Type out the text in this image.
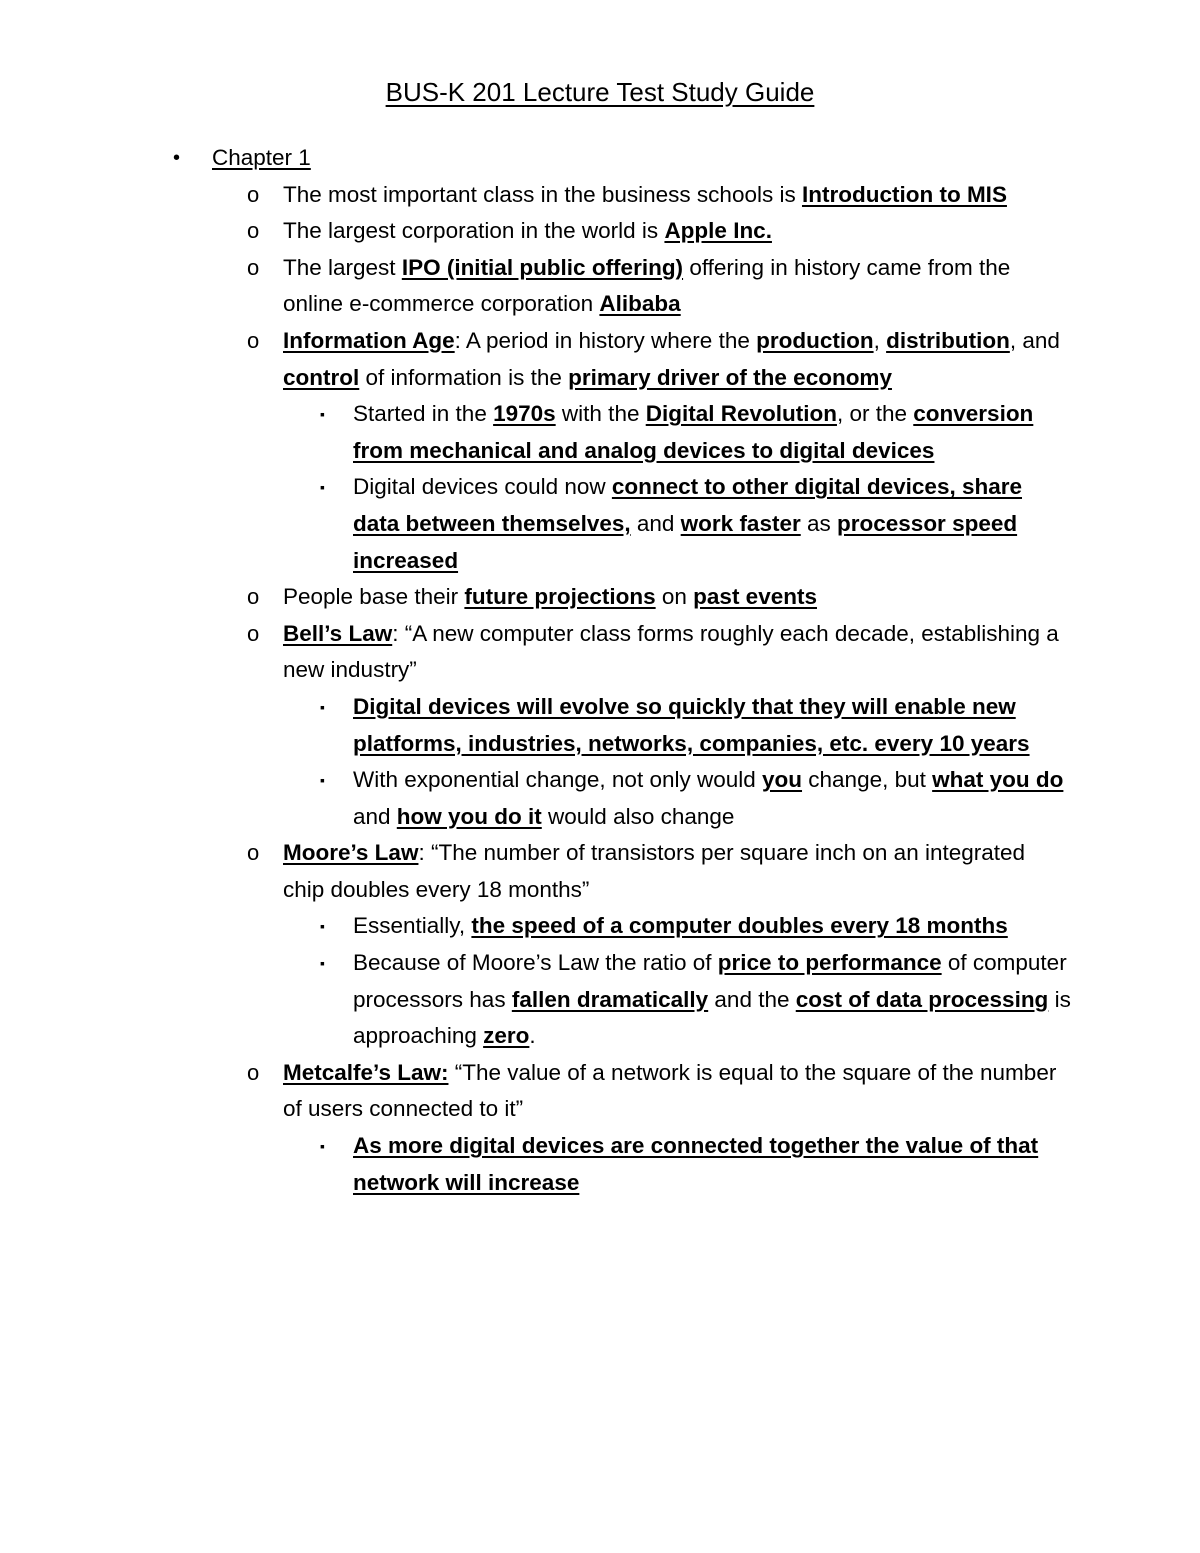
BUS-K 201 Lecture Test Study Guide
• Chapter 1
o The most important class in the business schools is Introduction to MIS
o The largest corporation in the world is Apple Inc.
o The largest IPO (initial public offering) offering in history came from the online e-commerce corporation Alibaba
o Information Age: A period in history where the production, distribution, and control of information is the primary driver of the economy
▪ Started in the 1970s with the Digital Revolution, or the conversion from mechanical and analog devices to digital devices
▪ Digital devices could now connect to other digital devices, share data between themselves, and work faster as processor speed increased
o People base their future projections on past events
o Bell’s Law: “A new computer class forms roughly each decade, establishing a new industry”
▪ Digital devices will evolve so quickly that they will enable new platforms, industries, networks, companies, etc. every 10 years
▪ With exponential change, not only would you change, but what you do and how you do it would also change
o Moore’s Law: “The number of transistors per square inch on an integrated chip doubles every 18 months”
▪ Essentially, the speed of a computer doubles every 18 months
▪ Because of Moore’s Law the ratio of price to performance of computer processors has fallen dramatically and the cost of data processing is approaching zero.
o Metcalfe’s Law: “The value of a network is equal to the square of the number of users connected to it”
▪ As more digital devices are connected together the value of that network will increase
